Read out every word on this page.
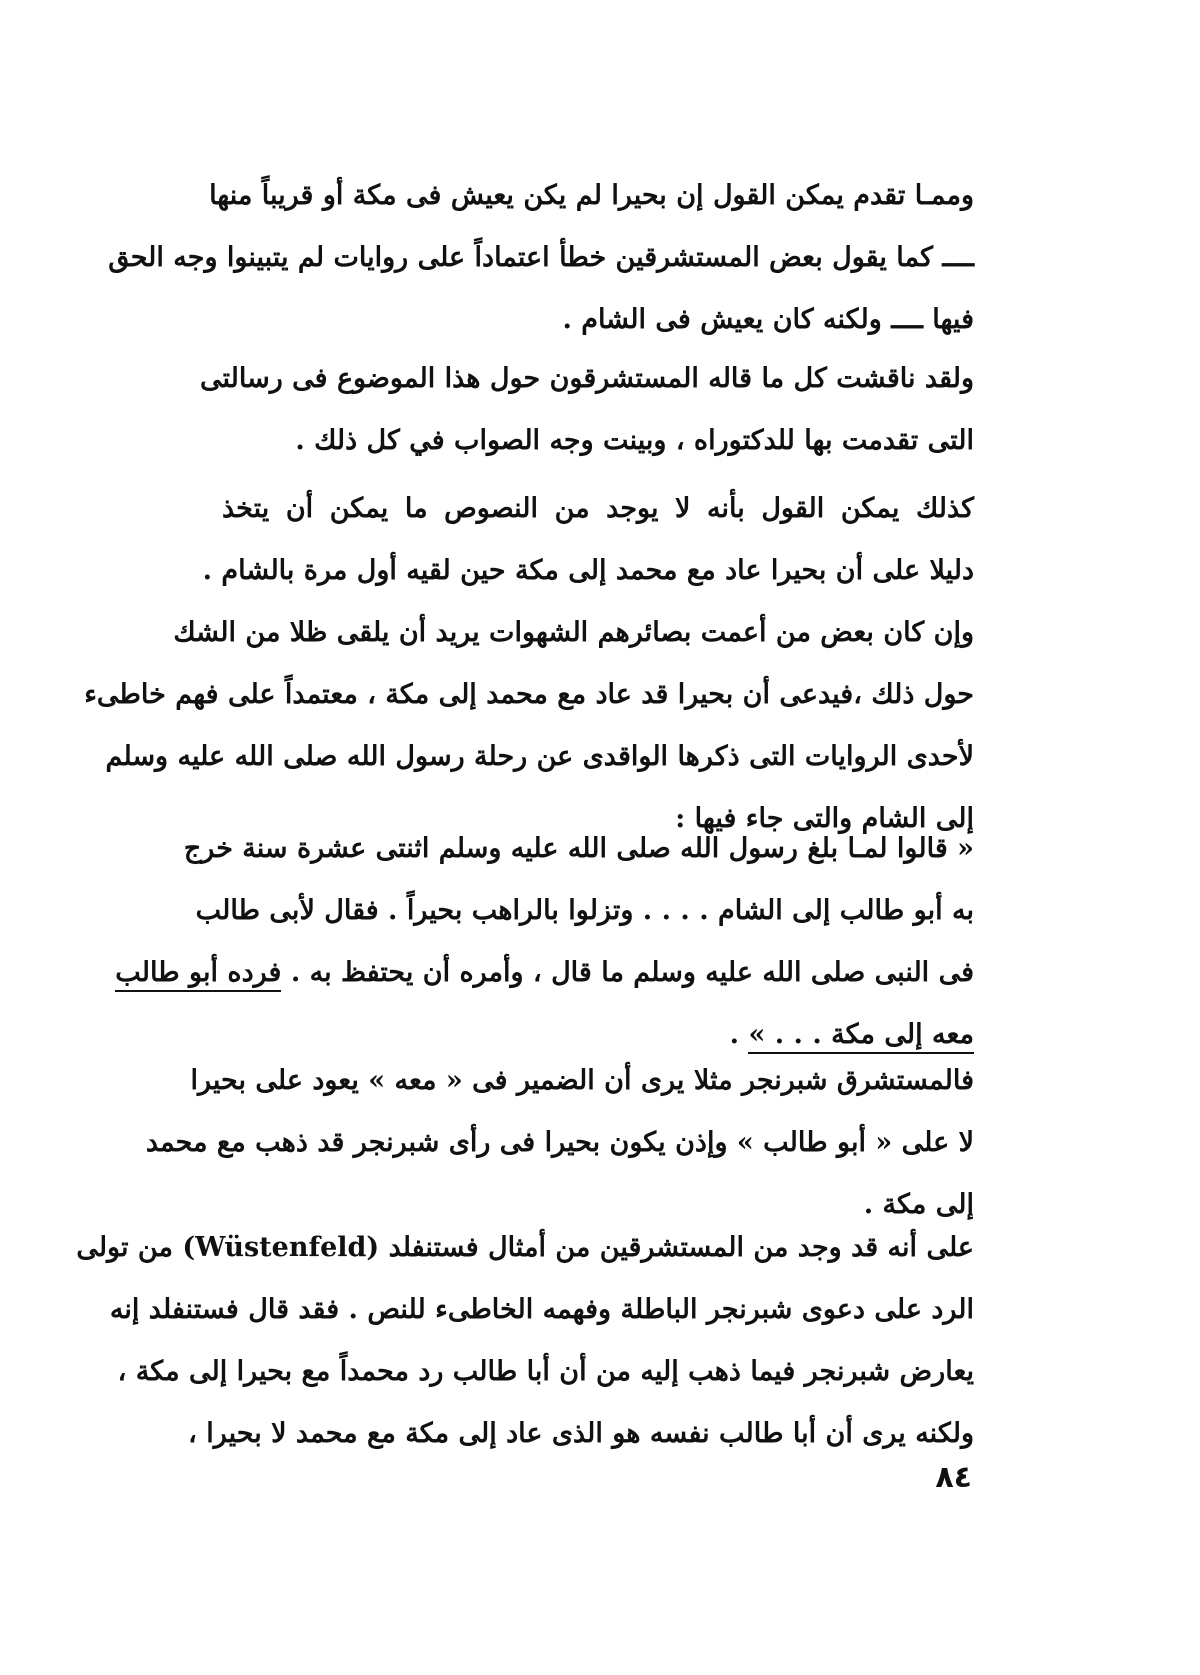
وممـا تقدم يمكن القول إن بحيرا لم يكن يعيش فى مكة أو قريباً منها
ــــ كما يقول بعض المستشرقين خطأ اعتماداً على روايات لم يتبينوا وجه الحق
فيها ــــ ولكنه كان يعيش فى الشام .
ولقد ناقشت كل ما قاله المستشرقون حول هذا الموضوع فى رسالتى
التى تقدمت بها للدكتوراه ، وبينت وجه الصواب في كل ذلك .
كذلك يمكن القول بأنه لا يوجد من النصوص ما يمكن أن يتخذ
دليلا على أن بحيرا عاد مع محمد إلى مكة حين لقيه أول مرة بالشام .
وإن كان بعض من أعمت بصائرهم الشهوات يريد أن يلقى ظلا من الشك
حول ذلك ،فيدعى أن بحيرا قد عاد مع محمد إلى مكة ، معتمداً على فهم خاطىء
لأحدى الروايات التى ذكرها الواقدى عن رحلة رسول الله صلى الله عليه وسلم
إلى الشام والتى جاء فيها :
« قالوا لمـا بلغ رسول الله صلى الله عليه وسلم اثنتى عشرة سنة خرج
به أبو طالب إلى الشام . . . . وتزلوا بالراهب بحيراً . فقال لأبى طالب
فى النبى صلى الله عليه وسلم ما قال ، وأمره أن يحتفظ به . فرده أبو طالب
معه إلى مكة . . . » .
فالمستشرق شبرنجر مثلا يرى أن الضمير فى « معه » يعود على بحيرا
لا على « أبو طالب » وإذن يكون بحيرا فى رأى شبرنجر قد ذهب مع محمد
إلى مكة .
على أنه قد وجد من المستشرقين من أمثال فستنفلد (Wüstenfeld) من تولى
الرد على دعوى شبرنجر الباطلة وفهمه الخاطىء للنص . فقد قال فستنفلد إنه
يعارض شبرنجر فيما ذهب إليه من أن أبا طالب رد محمداً مع بحيرا إلى مكة ،
ولكنه يرى أن أبا طالب نفسه هو الذى عاد إلى مكة مع محمد لا بحيرا ،
٨٤
